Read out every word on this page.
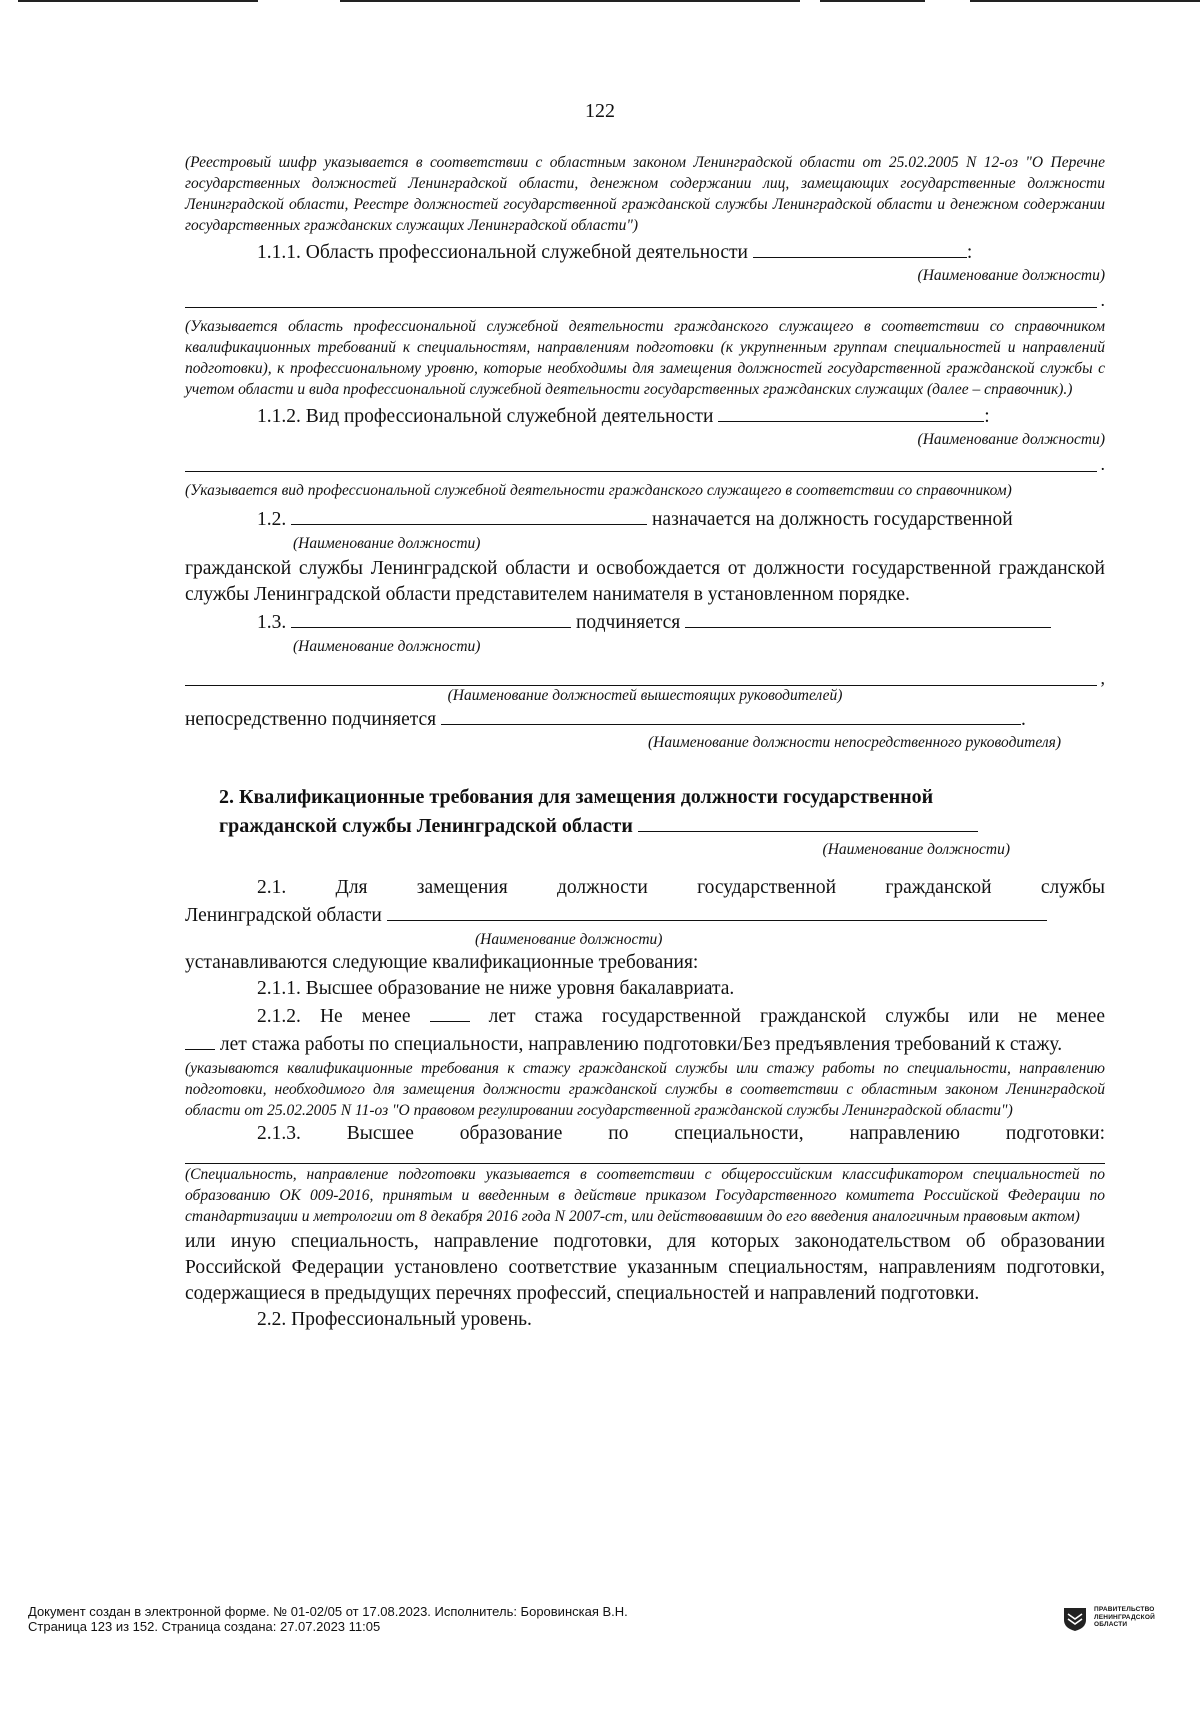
122
(Реестровый шифр указывается в соответствии с областным законом Ленинградской области от 25.02.2005 N 12-оз "О Перечне государственных должностей Ленинградской области, денежном содержании лиц, замещающих государственные должности Ленинградской области, Реестре должностей государственной гражданской службы Ленинградской области и денежном содержании государственных гражданских служащих Ленинградской области")
1.1.1. Область профессиональной служебной деятельности	:
(Наименование должности)
.
(Указывается область профессиональной служебной деятельности гражданского служащего в соответствии со справочником квалификационных требований к специальностям, направлениям подготовки (к укрупненным группам специальностей и направлений подготовки), к профессиональному уровню, которые необходимы для замещения должностей государственной гражданской службы с учетом области и вида профессиональной служебной деятельности государственных гражданских служащих (далее – справочник).)
1.1.2. Вид профессиональной служебной деятельности	:
(Наименование должности)
.
(Указывается вид профессиональной служебной деятельности гражданского служащего в соответствии со справочником)
1.2.	назначается на должность государственной
(Наименование должности)
гражданской службы Ленинградской области и освобождается от должности государственной гражданской службы Ленинградской области представителем нанимателя в установленном порядке.
1.3.	подчиняется
(Наименование должности)
,
(Наименование должностей вышестоящих руководителей)
непосредственно подчиняется	.
(Наименование должности непосредственного руководителя)
2. Квалификационные требования для замещения должности государственной
гражданской службы Ленинградской области
(Наименование должности)
2.1. Для замещения должности государственной гражданской службы
Ленинградской области
(Наименование должности)
устанавливаются следующие квалификационные требования:
2.1.1. Высшее образование не ниже уровня бакалавриата.
2.1.2. Не менее	лет стажа государственной гражданской службы или не менее
лет стажа работы по специальности, направлению подготовки/Без предъявления требований к стажу.
(указываются квалификационные требования к стажу гражданской службы или стажу работы по специальности, направлению подготовки, необходимого для замещения должности гражданской службы в соответствии с областным законом Ленинградской области от 25.02.2005 N 11-оз "О правовом регулировании государственной гражданской службы Ленинградской области")
2.1.3. Высшее образование по специальности, направлению подготовки:
(Специальность, направление подготовки указывается в соответствии с общероссийским классификатором специальностей по образованию ОК 009-2016, принятым и введенным в действие приказом Государственного комитета Российской Федерации по стандартизации и метрологии от 8 декабря 2016 года N 2007-ст, или действовавшим до его введения аналогичным правовым актом)
или иную специальность, направление подготовки, для которых законодательством об образовании Российской Федерации установлено соответствие указанным специальностям, направлениям подготовки, содержащиеся в предыдущих перечнях профессий, специальностей и направлений подготовки.
2.2. Профессиональный уровень.
Документ создан в электронной форме. № 01-02/05 от 17.08.2023. Исполнитель: Боровинская В.Н.
Страница 123 из 152. Страница создана: 27.07.2023 11:05
ПРАВИТЕЛЬСТВО
ЛЕНИНГРАДСКОЙ
ОБЛАСТИ
